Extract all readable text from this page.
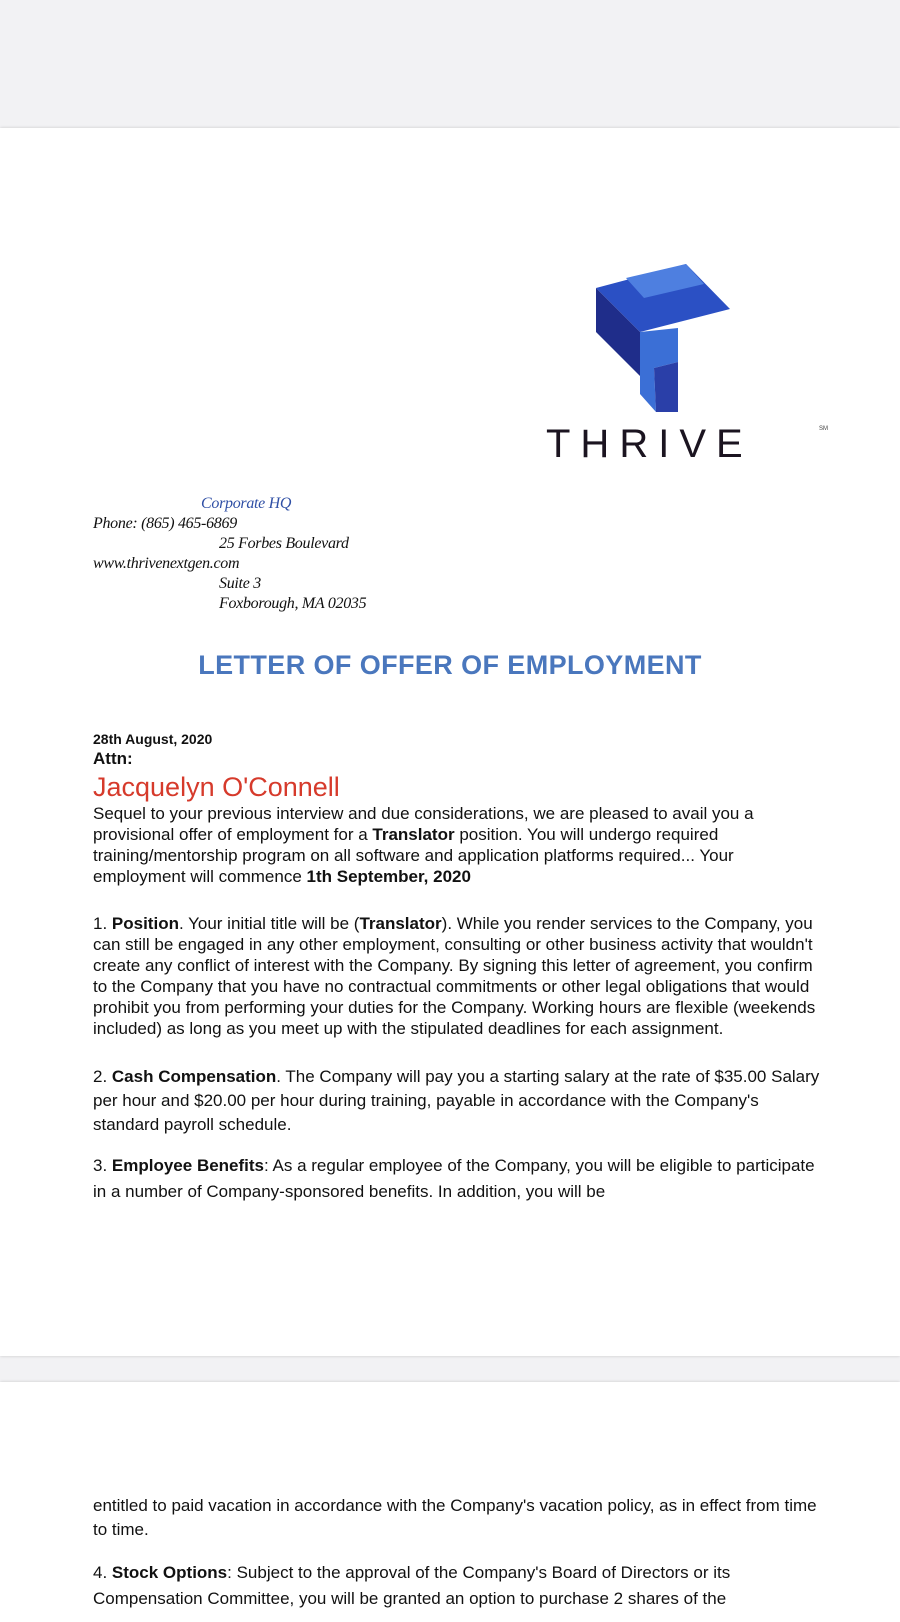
THRIVE	SM
Corporate HQ
Phone: (865) 465-6869
25 Forbes Boulevard
www.thrivenextgen.com
Suite 3
Foxborough, MA 02035
LETTER OF OFFER OF EMPLOYMENT
28th August, 2020
Attn:
Jacquelyn O'Connell

Sequel to your previous interview and due considerations, we are pleased to avail you a provisional offer of employment for a Translator position. You will undergo required training/mentorship program on all software and application platforms required... Your employment will commence 1th September, 2020

1. Position. Your initial title will be (Translator). While you render services to the Company, you can still be engaged in any other employment, consulting or other business activity that wouldn't create any conflict of interest with the Company. By signing this letter of agreement, you confirm to the Company that you have no contractual commitments or other legal obligations that would prohibit you from performing your duties for the Company. Working hours are flexible (weekends included) as long as you meet up with the stipulated deadlines for each assignment.

2. Cash Compensation. The Company will pay you a starting salary at the rate of $35.00 Salary per hour and $20.00 per hour during training, payable in accordance with the Company's standard payroll schedule.

3. Employee Benefits: As a regular employee of the Company, you will be eligible to participate in a number of Company-sponsored benefits. In addition, you will be

entitled to paid vacation in accordance with the Company's vacation policy, as in effect from time to time.

4. Stock Options: Subject to the approval of the Company's Board of Directors or its Compensation Committee, you will be granted an option to purchase 2 shares of the
